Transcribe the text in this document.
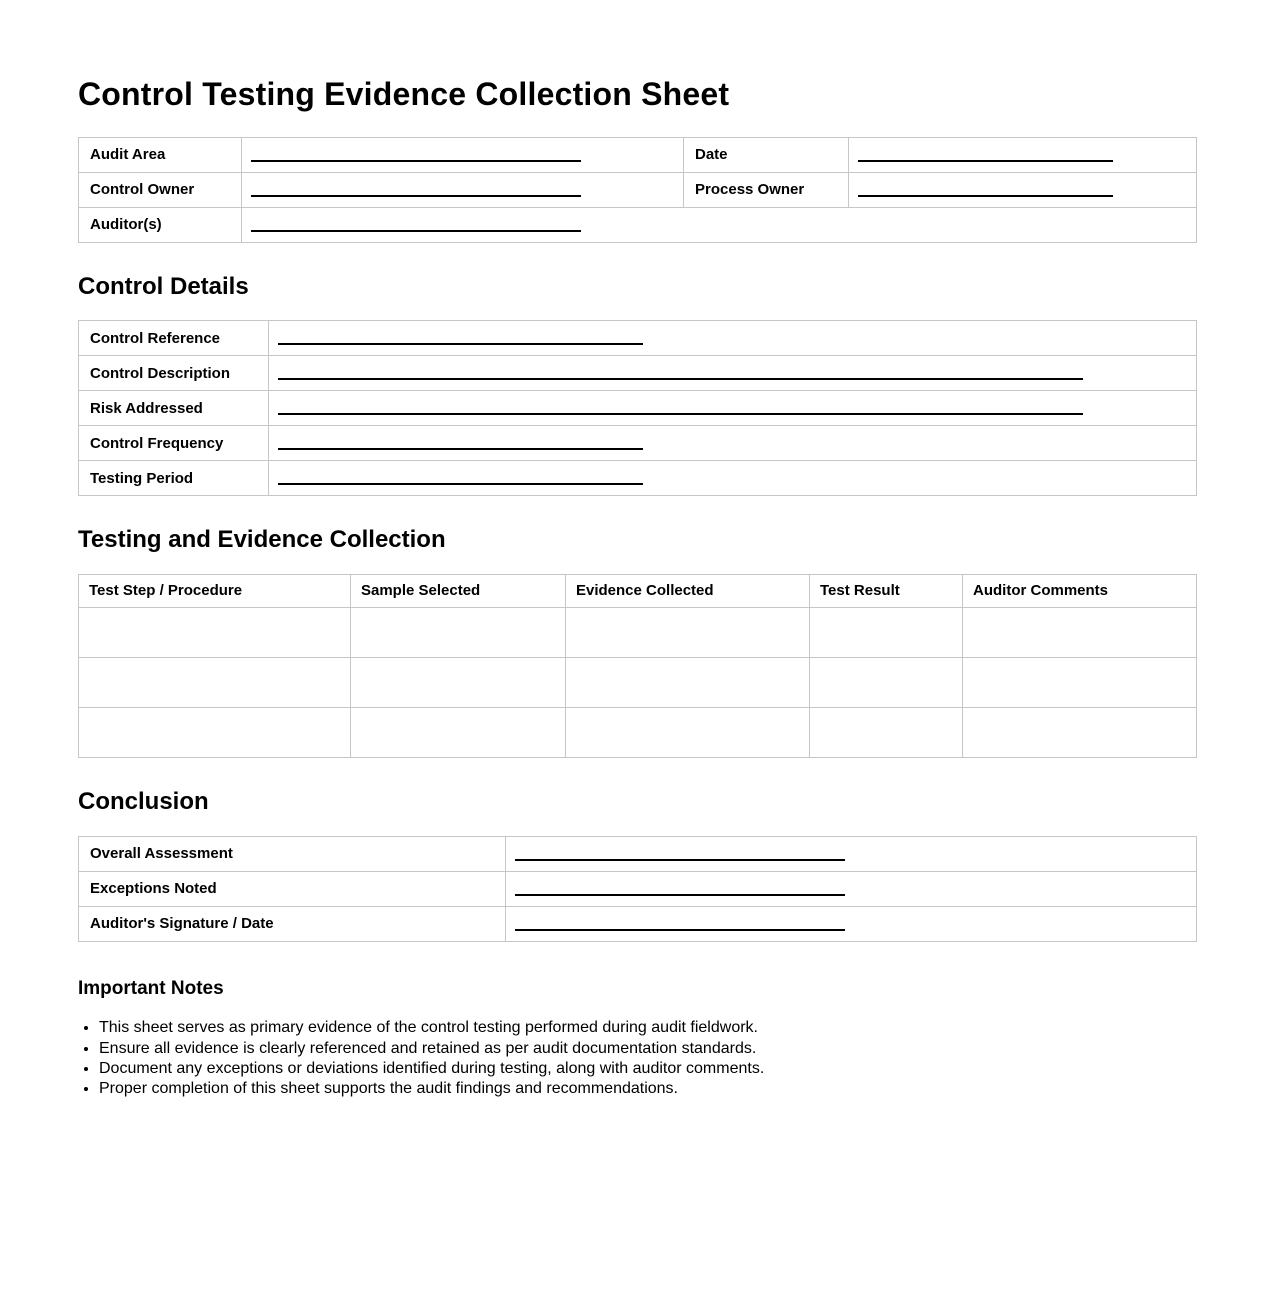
Control Testing Evidence Collection Sheet
Audit Area		Date	

Control Owner		Process Owner	

Auditor(s)			
Control Details
Control Reference	

Control Description	

Risk Addressed	

Control Frequency	

Testing Period	
Testing and Evidence Collection
Test Step / Procedure	Sample Selected	Evidence Collected	Test Result	Auditor Comments

Conclusion
Overall Assessment	

Exceptions Noted	

Auditor's Signature / Date	
Important Notes
• This sheet serves as primary evidence of the control testing performed during audit fieldwork.
• Ensure all evidence is clearly referenced and retained as per audit documentation standards.
• Document any exceptions or deviations identified during testing, along with auditor comments.
• Proper completion of this sheet supports the audit findings and recommendations.
